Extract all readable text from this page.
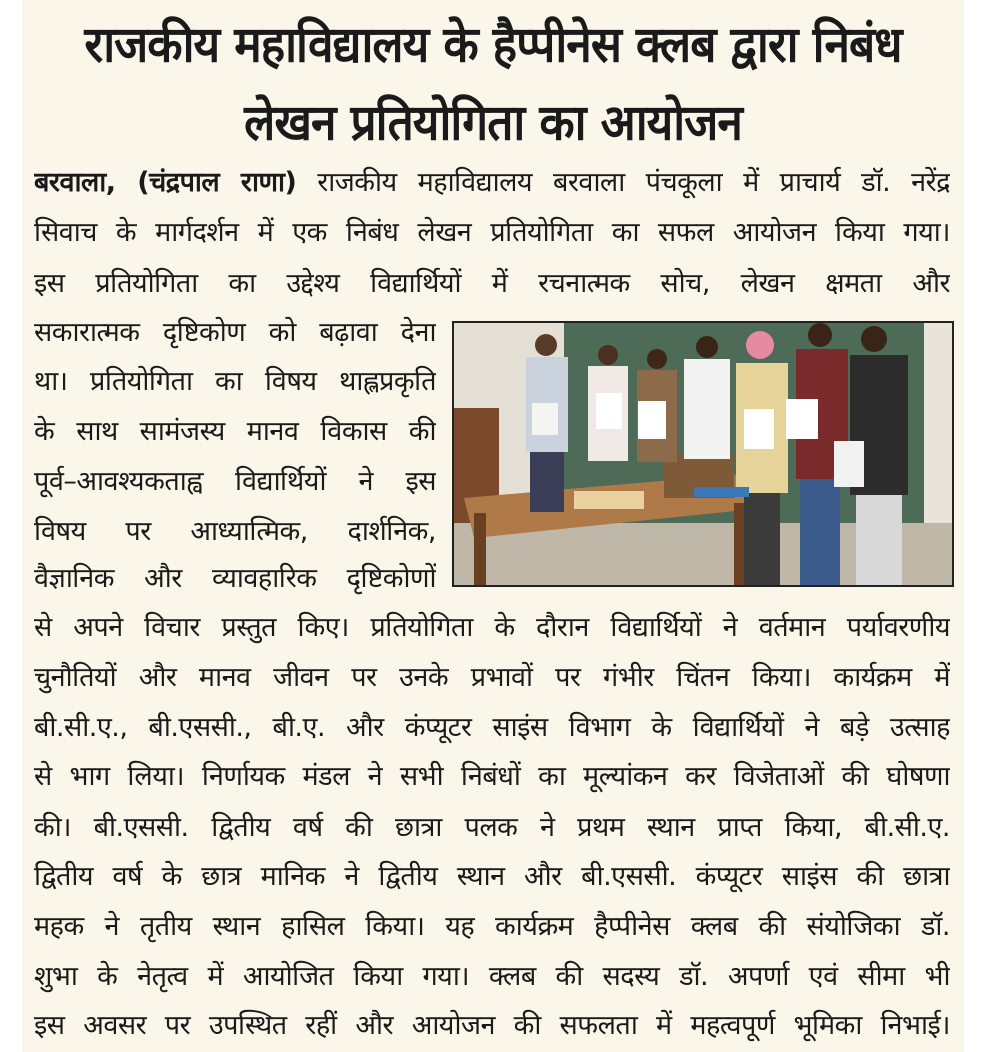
राजकीय महाविद्यालय के हैप्पीनेस क्लब द्वारा निबंध
लेखन प्रतियोगिता का आयोजन
बरवाला, (चंद्रपाल राणा) राजकीय महाविद्यालय बरवाला पंचकूला में प्राचार्य डॉ. नरेंद्र
सिवाच के मार्गदर्शन में एक निबंध लेखन प्रतियोगिता का सफल आयोजन किया गया।
इस प्रतियोगिता का उद्देश्य विद्यार्थियों में रचनात्मक सोच, लेखन क्षमता और
सकारात्मक दृष्टिकोण को बढ़ावा देना
था। प्रतियोगिता का विषय थाह्लप्रकृति
के साथ सामंजस्य मानव विकास की
पूर्व–आवश्यकताह्व विद्यार्थियों ने इस
विषय पर आध्यात्मिक, दार्शनिक,
वैज्ञानिक और व्यावहारिक दृष्टिकोणों
से अपने विचार प्रस्तुत किए। प्रतियोगिता के दौरान विद्यार्थियों ने वर्तमान पर्यावरणीय
चुनौतियों और मानव जीवन पर उनके प्रभावों पर गंभीर चिंतन किया। कार्यक्रम में
बी.सी.ए., बी.एससी., बी.ए. और कंप्यूटर साइंस विभाग के विद्यार्थियों ने बड़े उत्साह
से भाग लिया। निर्णायक मंडल ने सभी निबंधों का मूल्यांकन कर विजेताओं की घोषणा
की। बी.एससी. द्वितीय वर्ष की छात्रा पलक ने प्रथम स्थान प्राप्त किया, बी.सी.ए.
द्वितीय वर्ष के छात्र मानिक ने द्वितीय स्थान और बी.एससी. कंप्यूटर साइंस की छात्रा
महक ने तृतीय स्थान हासिल किया। यह कार्यक्रम हैप्पीनेस क्लब की संयोजिका डॉ.
शुभा के नेतृत्व में आयोजित किया गया। क्लब की सदस्य डॉ. अपर्णा एवं सीमा भी
इस अवसर पर उपस्थित रहीं और आयोजन की सफलता में महत्वपूर्ण भूमिका निभाई।
